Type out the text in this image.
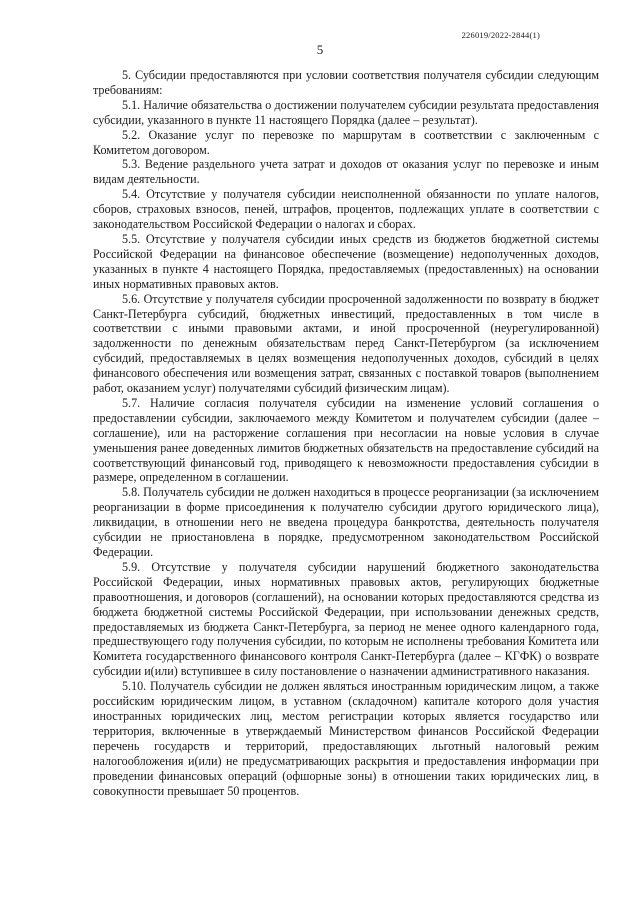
226019/2022-2844(1)
5

5. Субсидии предоставляются при условии соответствия получателя субсидии следующим требованиям:

5.1. Наличие обязательства о достижении получателем субсидии результата предоставления субсидии, указанного в пункте 11 настоящего Порядка (далее – результат).

5.2. Оказание услуг по перевозке по маршрутам в соответствии с заключенным с Комитетом договором.

5.3. Ведение раздельного учета затрат и доходов от оказания услуг по перевозке и иным видам деятельности.

5.4. Отсутствие у получателя субсидии неисполненной обязанности по уплате налогов, сборов, страховых взносов, пеней, штрафов, процентов, подлежащих уплате в соответствии с законодательством Российской Федерации о налогах и сборах.

5.5. Отсутствие у получателя субсидии иных средств из бюджетов бюджетной системы Российской Федерации на финансовое обеспечение (возмещение) недополученных доходов, указанных в пункте 4 настоящего Порядка, предоставляемых (предоставленных) на основании иных нормативных правовых актов.

5.6. Отсутствие у получателя субсидии просроченной задолженности по возврату в бюджет Санкт-Петербурга субсидий, бюджетных инвестиций, предоставленных в том числе в соответствии с иными правовыми актами, и иной просроченной (неурегулированной) задолженности по денежным обязательствам перед Санкт-Петербургом (за исключением субсидий, предоставляемых в целях возмещения недополученных доходов, субсидий в целях финансового обеспечения или возмещения затрат, связанных с поставкой товаров (выполнением работ, оказанием услуг) получателями субсидий физическим лицам).

5.7. Наличие согласия получателя субсидии на изменение условий соглашения о предоставлении субсидии, заключаемого между Комитетом и получателем субсидии (далее – соглашение), или на расторжение соглашения при несогласии на новые условия в случае уменьшения ранее доведенных лимитов бюджетных обязательств на предоставление субсидий на соответствующий финансовый год, приводящего к невозможности предоставления субсидии в размере, определенном в соглашении.

5.8. Получатель субсидии не должен находиться в процессе реорганизации (за исключением реорганизации в форме присоединения к получателю субсидии другого юридического лица), ликвидации, в отношении него не введена процедура банкротства, деятельность получателя субсидии не приостановлена в порядке, предусмотренном законодательством Российской Федерации.

5.9. Отсутствие у получателя субсидии нарушений бюджетного законодательства Российской Федерации, иных нормативных правовых актов, регулирующих бюджетные правоотношения, и договоров (соглашений), на основании которых предоставляются средства из бюджета бюджетной системы Российской Федерации, при использовании денежных средств, предоставляемых из бюджета Санкт-Петербурга, за период не менее одного календарного года, предшествующего году получения субсидии, по которым не исполнены требования Комитета или Комитета государственного финансового контроля Санкт-Петербурга (далее – КГФК) о возврате субсидии и(или) вступившее в силу постановление о назначении административного наказания.

5.10. Получатель субсидии не должен являться иностранным юридическим лицом, а также российским юридическим лицом, в уставном (складочном) капитале которого доля участия иностранных юридических лиц, местом регистрации которых является государство или территория, включенные в утверждаемый Министерством финансов Российской Федерации перечень государств и территорий, предоставляющих льготный налоговый режим налогообложения и(или) не предусматривающих раскрытия и предоставления информации при проведении финансовых операций (офшорные зоны) в отношении таких юридических лиц, в совокупности превышает 50 процентов.
